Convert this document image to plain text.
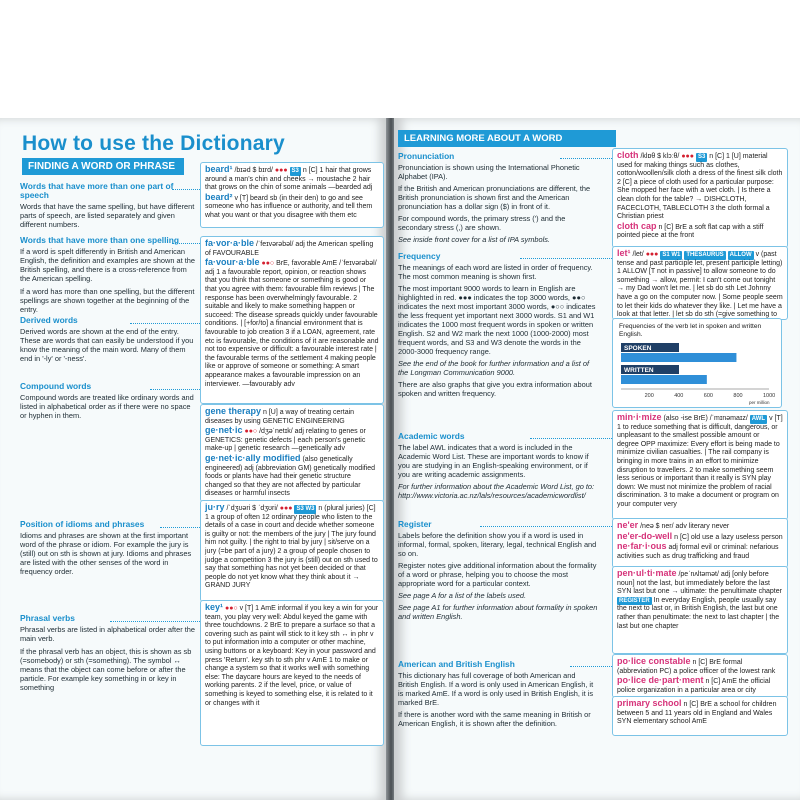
How to use the Dictionary
FINDING A WORD OR PHRASE
Words that have more than one part of speech

Words that have the same spelling, but have different parts of speech, are listed separately and given different numbers.

Words that have more than one spelling

If a word is spelt differently in British and American English, the definition and examples are shown at the British spelling, and there is a cross-reference from the American spelling.

If a word has more than one spelling, but the different spellings are shown together at the beginning of the entry.

Derived words

Derived words are shown at the end of the entry. These are words that can easily be understood if you know the meaning of the main word. Many of them end in '-ly' or '-ness'.

Compound words

Compound words are treated like ordinary words and listed in alphabetical order as if there were no space or hyphen in them.

Position of idioms and phrases

Idioms and phrases are shown at the first important word of the phrase or idiom. For example the jury is (still) out on sth is shown at jury. Idioms and phrases are listed with the other senses of the word in frequency order.

Phrasal verbs

Phrasal verbs are listed in alphabetical order after the main verb.

If the phrasal verb has an object, this is shown as sb (=somebody) or sth (=something). The symbol ↔ means that the object can come before or after the particle. For example key something in or key in something

beard¹ /bɪəd $ bɪrd/ ●●● S3 n [C] 1 hair that grows around a man's chin and cheeks → moustache 2 hair that grows on the chin of some animals —bearded adj
beard² v [T] beard sb (in their den) to go and see someone who has influence or authority, and tell them what you want or that you disagree with them etc
fa·vor·a·ble /ˈfeɪvərəbəl/ adj the American spelling of FAVOURABLE
fa·vour·a·ble ●●○ BrE, favorable AmE /ˈfeɪvərəbəl/ adj 1 a favourable report, opinion, or reaction shows that you think that someone or something is good or that you agree with them: favourable film reviews | The response has been overwhelmingly favourable. 2 suitable and likely to make something happen or succeed: The disease spreads quickly under favourable conditions. | [+for/to] a financial environment that is favourable to job creation 3 if a LOAN, agreement, rate etc is favourable, the conditions of it are reasonable and not too expensive or difficult: a favourable interest rate | the favourable terms of the settlement 4 making people like or approve of someone or something: A smart appearance makes a favourable impression on an interviewer. —favourably adv
gene therapy n [U] a way of treating certain diseases by using GENETIC ENGINEERING
ge·net·ic ●●○ /dʒəˈnetɪk/ adj relating to genes or GENETICS: genetic defects | each person's genetic make-up | genetic research —genetically adv
ge·net·ic·ally modified (also genetically engineered) adj (abbreviation GM) genetically modified foods or plants have had their genetic structure changed so that they are not affected by particular diseases or harmful insects
ju·ry /ˈdʒʊəri $ ˈdʒʊri/ ●●● S3 W3 n (plural juries) [C] 1 a group of often 12 ordinary people who listen to the details of a case in court and decide whether someone is guilty or not: the members of the jury | The jury found him not guilty. | the right to trial by jury | sit/serve on a jury (=be part of a jury) 2 a group of people chosen to judge a competition 3 the jury is (still) out on sth used to say that something has not yet been decided or that people do not yet know what they think about it → GRAND JURY
key¹ ●●○ v [T] 1 AmE informal if you key a win for your team, you play very well: Abdul keyed the game with three touchdowns. 2 BrE to prepare a surface so that a covering such as paint will stick to it key sth ↔ in phr v to put information into a computer or other machine, using buttons or a keyboard: Key in your password and press 'Return'. key sth to sth phr v AmE 1 to make or change a system so that it works well with something else: The daycare hours are keyed to the needs of working parents. 2 if the level, price, or value of something is keyed to something else, it is related to it or changes with it
LEARNING MORE ABOUT A WORD
Pronunciation

Pronunciation is shown using the International Phonetic Alphabet (IPA).

If the British and American pronunciations are different, the British pronunciation is shown first and the American pronunciation has a dollar sign ($) in front of it.

For compound words, the primary stress (') and the secondary stress (,) are shown.

See inside front cover for a list of IPA symbols.

Frequency

The meanings of each word are listed in order of frequency. The most common meaning is shown first.

The most important 9000 words to learn in English are highlighted in red. ●●● indicates the top 3000 words, ●●○ indicates the next most important 3000 words, ●○○ indicates the less frequent yet important next 3000 words. S1 and W1 indicates the 1000 most frequent words in spoken or written English. S2 and W2 mark the next 1000 (1000-2000) most frequent words, and S3 and W3 denote the words in the 2000-3000 frequency range.

See the end of the book for further information and a list of the Longman Communication 9000.

There are also graphs that give you extra information about spoken and written frequency.

Academic words

The label AWL indicates that a word is included in the Academic Word List. These are important words to know if you are studying in an English-speaking environment, or if you are writing academic assignments.

For further information about the Academic Word List, go to: http://www.victoria.ac.nz/lals/resources/academicwordlist/

Register

Labels before the definition show you if a word is used in informal, formal, spoken, literary, legal, technical English and so on.

Register notes give additional information about the formality of a word or phrase, helping you to choose the most appropriate word for a particular context.

See page A for a list of the labels used.

See page A1 for further information about formality in spoken and written English.

American and British English

This dictionary has full coverage of both American and British English. If a word is only used in American English, it is marked AmE. If a word is only used in British English, it is marked BrE.

If there is another word with the same meaning in British or American English, it is shown after the definition.

cloth /klɒθ $ klɔːθ/ ●●● S3 n [C] 1 [U] material used for making things such as clothes, cotton/woollen/silk cloth a dress of the finest silk cloth 2 [C] a piece of cloth used for a particular purpose: She mopped her face with a wet cloth. | Is there a clean cloth for the table? → DISHCLOTH, FACECLOTH, TABLECLOTH 3 the cloth formal a Christian priest
cloth cap n [C] BrE a soft flat cap with a stiff pointed piece at the front
let¹ /let/ ●●● S1 W1 THESAURUS ALLOW v (past tense and past participle let, present participle letting) 1 ALLOW [T not in passive] to allow someone to do something → allow, permit: I can't come out tonight → my Dad won't let me. | let sb do sth Let Johnny have a go on the computer now. | Some people seem to let their kids do whatever they like. | Let me have a look at that letter. | let sb do sth (=give something to
Frequencies of the verb let in spoken and written English.
SPOKEN
WRITTEN
200	400	600	800	1000
per million
min·i·mize (also -ise BrE) /ˈmɪnəmaɪz/ AWL v [T] 1 to reduce something that is difficult, dangerous, or unpleasant to the smallest possible amount or degree OPP maximize: Every effort is being made to minimize civilian casualties. | The rail company is bringing in more trains in an effort to minimize disruption to travellers. 2 to make something seem less serious or important than it really is SYN play down: We must not minimize the problem of racial discrimination. 3 to make a document or program on your computer very
ne'er /neə $ ner/ adv literary never
ne'er-do-well n [C] old use a lazy useless person
ne·far·i·ous adj formal evil or criminal: nefarious activities such as drug trafficking and fraud
pen·ul·ti·mate /peˈnʌltəmət/ adj [only before noun] not the last, but immediately before the last SYN last but one → ultimate: the penultimate chapter
REGISTER In everyday English, people usually say the next to last or, in British English, the last but one rather than penultimate: the next to last chapter | the last but one chapter
po·lice constable n [C] BrE formal (abbreviation PC) a police officer of the lowest rank
po·lice de·part·ment n [C] AmE the official police organization in a particular area or city
primary school n [C] BrE a school for children between 5 and 11 years old in England and Wales SYN elementary school AmE
